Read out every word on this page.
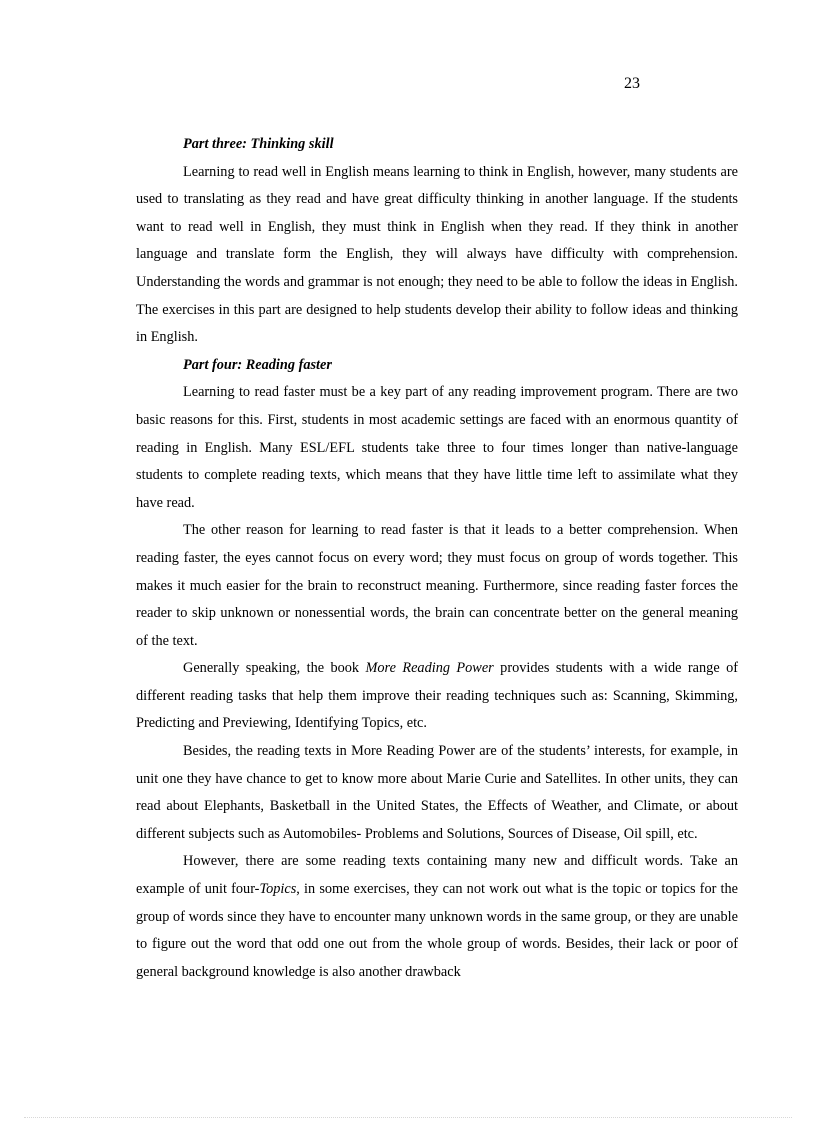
23

Part three: Thinking skill

Learning to read well in English means learning to think in English, however, many students are used to translating as they read and have great difficulty thinking in another language. If the students want to read well in English, they must think in English when they read. If they think in another language and translate form the English, they will always have difficulty with comprehension. Understanding the words and grammar is not enough; they need to be able to follow the ideas in English. The exercises in this part are designed to help students develop their ability to follow ideas and thinking in English.

Part four: Reading faster

Learning to read faster must be a key part of any reading improvement program. There are two basic reasons for this. First, students in most academic settings are faced with an enormous quantity of reading in English. Many ESL/EFL students take three to four times longer than native-language students to complete reading texts, which means that they have little time left to assimilate what they have read.

The other reason for learning to read faster is that it leads to a better comprehension. When reading faster, the eyes cannot focus on every word; they must focus on group of words together. This makes it much easier for the brain to reconstruct meaning. Furthermore, since reading faster forces the reader to skip unknown or nonessential words, the brain can concentrate better on the general meaning of the text.

Generally speaking, the book More Reading Power provides students with a wide range of different reading tasks that help them improve their reading techniques such as: Scanning, Skimming, Predicting and Previewing, Identifying Topics, etc.

Besides, the reading texts in More Reading Power are of the students’ interests, for example, in unit one they have chance to get to know more about Marie Curie and Satellites. In other units, they can read about Elephants, Basketball in the United States, the Effects of Weather, and Climate, or about different subjects such as Automobiles- Problems and Solutions, Sources of Disease, Oil spill, etc.

However, there are some reading texts containing many new and difficult words. Take an example of unit four-Topics, in some exercises, they can not work out what is the topic or topics for the group of words since they have to encounter many unknown words in the same group, or they are unable to figure out the word that odd one out from the whole group of words. Besides, their lack or poor of general background knowledge is also another drawback
